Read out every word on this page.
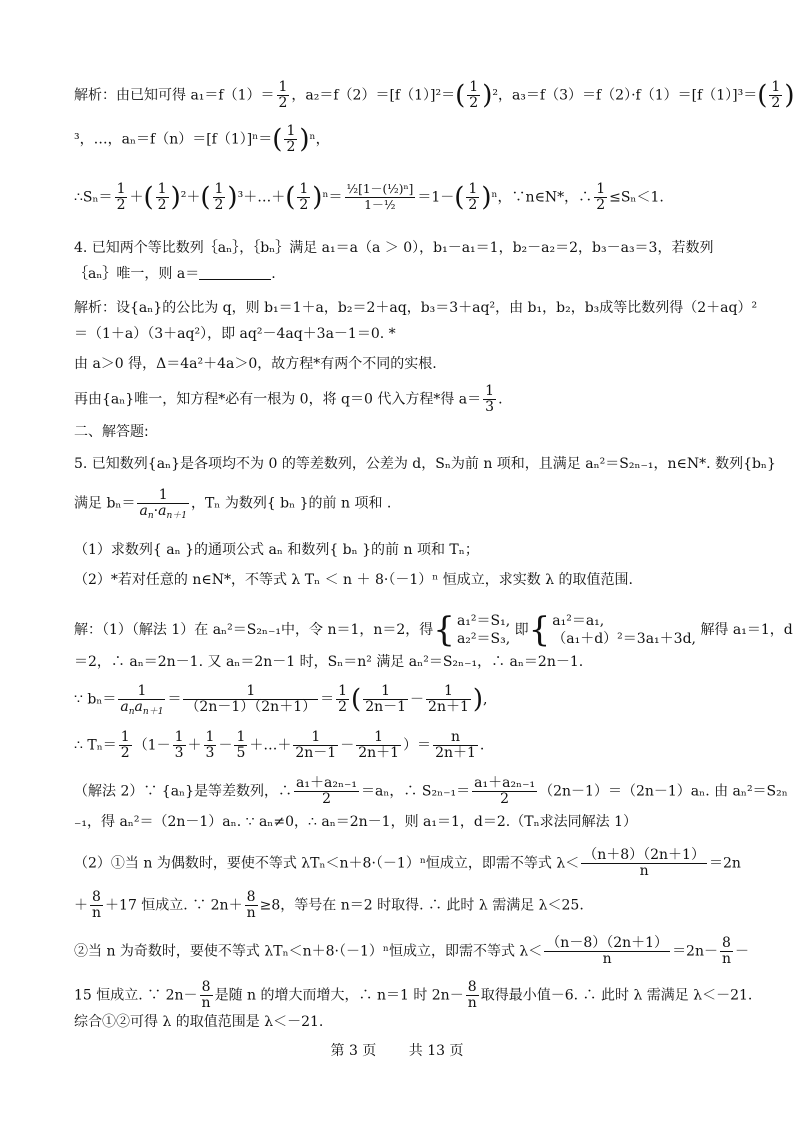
解析：由已知可得 $a_1=f(1)= \frac{1}{2}$ ，$a_2=f(2)=[f(1)]^2=( \frac{1}{2} )^2$，$a_3=f(3)=f(2)\cdot f(1)=[f(1)]^3=( \frac{1}{2}$ )
³，…，$a_n=f(n)=[f(1)]^n=( \frac{1}{2} )^n$，
∴Sₙ＝ $\frac{1}{2}$ ＋( $\frac{1}{2} )^2+( \frac{1}{2}$ )³＋…＋( $\frac{1}{2} )^n= \frac{\text{½[1－(½)ⁿ]}}{\text{1－½}} =1-( \frac{1}{2} )^n$，∵n∈N*，∴ $\frac{1}{2} \le S_n<1$.
4. 已知两个等比数列｛aₙ｝，｛bₙ｝满足 a₁＝a（a ＞ 0），b₁－a₁＝1，b₂－a₂＝2，b₃－a₃＝3，若数列
｛aₙ｝唯一，则 a＝	.
解析：设{aₙ}的公比为 q，则 b₁＝1＋a，b₂＝2＋aq，b₃＝3＋aq²，由 b₁，b₂，b₃成等比数列得（2＋aq）²
＝（1＋a）（3＋aq²），即 aq²－4aq＋3a－1＝0. *
由 a＞0 得，Δ＝4a²＋4a＞0，故方程*有两个不同的实根.
再由{aₙ}唯一，知方程*必有一根为 0，将 q＝0 代入方程*得 $a= \frac{1}{3}$ .
二、解答题:
5. 已知数列{aₙ}是各项均不为 0 的等差数列，公差为 d，Sₙ为前 n 项和，且满足 aₙ²＝S₂ₙ₋₁，n∈N*. 数列{bₙ}
满足 $b_n= \frac{1}{a_n\cdot a_{n+1}}$ ，Tₙ 为数列{ bₙ }的前 n 项和 .
（1）求数列{ aₙ }的通项公式 aₙ 和数列{ bₙ }的前 n 项和 Tₙ；
（2）*若对任意的 n∈N*，不等式 λ Tₙ ＜ n ＋ 8·（－1）ⁿ 恒成立，求实数 λ 的取值范围.
解：（1）（解法 1）在 aₙ²＝S₂ₙ₋₁中，令 n＝1，n＝2，得{ a₁²＝S₁,
a₂²＝S₃, 即{ a₁²＝a₁,
（a₁＋d）²＝3a₁＋3d, 解得 a₁＝1，d
＝2，∴ aₙ＝2n－1. 又 aₙ＝2n－1 时，Sₙ＝n² 满足 aₙ²＝S₂ₙ₋₁，∴ aₙ＝2n－1.
∵ $b_n= \frac{1}{a_na_{n+1}} = \frac{1}{(2n-1)(2n+1)} = \frac{1}{2}$ ( $\frac{1}{2n-1} - \frac{1}{2n+1}$ ),
∴ $T_n= \frac{1}{2} (1- \frac{1}{3} + \frac{1}{3} - \frac{1}{5}$ ＋…＋ $\frac{1}{2n-1} - \frac{1}{2n+1}$ ）＝ $\frac{n}{2n+1}$ .
（解法 2）∵ {aₙ}是等差数列，∴ $\frac{\text{a₁＋a₂ₙ₋₁}}{2} =a_n$，∴ $S_{2n-1}= \frac{\text{a₁＋a₂ₙ₋₁}}{2} (2n-1)=(2n-1)a_n$. 由 aₙ²＝S₂ₙ
₋₁，得 aₙ²＝（2n－1）aₙ. ∵ aₙ≠0，∴ aₙ＝2n－1，则 a₁＝1，d＝2.（Tₙ求法同解法 1）
（2）①当 n 为偶数时，要使不等式 λTₙ＜n＋8·（－1）ⁿ恒成立，即需不等式 $\lambda< \frac{(n+8)(2n+1)}{n} =2n$
＋ $\frac{8}{n} +17$ 恒成立. ∵ $2n+ \frac{8}{n} \ge 8$，等号在 n＝2 时取得. ∴ 此时 λ 需满足 λ＜25.
②当 n 为奇数时，要使不等式 λTₙ＜n＋8·（－1）ⁿ恒成立，即需不等式 $\lambda< \frac{(n-8)(2n+1)}{n} =2n- \frac{8}{n}$ －
15 恒成立. ∵ $2n- \frac{8}{n}$ 是随 n 的增大而增大，∴ n＝1 时 $2n- \frac{8}{n}$ 取得最小值－6. ∴ 此时 λ 需满足 λ＜－21.
综合①②可得 λ 的取值范围是 λ＜－21.
第 3 页 共 13 页
